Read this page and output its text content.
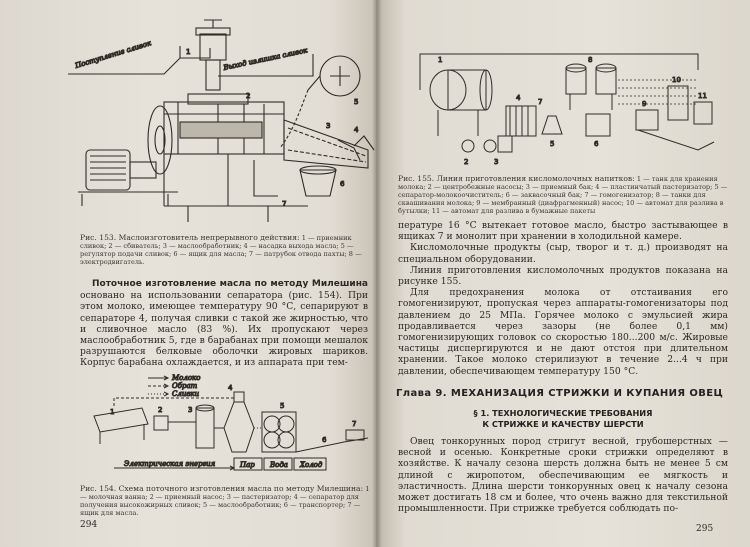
Поступление сливок	Выход излишка сливок
1
2
3	4
5
6
7
Рис. 153. Маслоизготовитель непрерывного действия: 1 — приемник сливок; 2 — сбиватель; 3 — маслообработник; 4 — насадка выхода масла; 5 — регулятор подачи сливок; 6 — ящик для масла; 7 — патрубок отвода пахты; 8 — электродвигатель.

Поточное изготовление масла по методу Милешина основано на использовании сепаратора (рис. 154). При этом молоко, имеющее температуру 90 °С, сепарируют в сепараторе 4, получая сливки с такой же жирностью, что и сливочное масло (83 %). Их пропускают через маслообработник 5, где в барабанах при помощи мешалок разрушаются белковые оболочки жировых шариков. Корпус барабана охлаждается, и из аппарата при тем-

Молоко
Обрат
Сливки
Электрическая энергия	Пар Вода Холод
1	2	3
4
5
6
7
Рис. 154. Схема поточного изготовления масла по методу Милешина: 1 — молочная ванна; 2 — приемный насос; 3 — пастеризатор; 4 — сепаратор для получения высокожирных сливок; 5 — маслообработник; 6 — транспортер; 7 — ящик для масла.
294
1
2	3
4
5	6
7
8
9
10
11
Рис. 155. Линия приготовления кисломолочных напитков: 1 — танк для хранения молока; 2 — центробежные насосы; 3 — приемный бак; 4 — пластинчатый пастеризатор; 5 — сепаратор-молокоочиститель; 6 — заквасочный бак; 7 — гомогенизатор; 8 — танки для сквашивания молока; 9 — мембранный (диафрагменный) насос; 10 — автомат для разлива в бутылки; 11 — автомат для разлива в бумажные пакеты

пературе 16 °С вытекает готовое масло, быстро застывающее в ящиках 7 и монолит при хранении в холодильной камере.

Кисломолочные продукты (сыр, творог и т. д.) производят на специальном оборудовании.

Линия приготовления кисломолочных продуктов показана на рисунке 155.

Для предохранения молока от отстаивания его гомогенизируют, пропуская через аппараты-гомогенизаторы под давлением до 25 МПа. Горячее молоко с эмульсией жира продавливается через зазоры (не более 0,1 мм) гомогенизирующих головок со скоростью 180...200 м/с. Жировые частицы диспергируются и не дают отстоя при длительном хранении. Такое молоко стерилизуют в течение 2...4 ч при давлении, обеспечивающем температуру 150 °С.

Глава 9. МЕХАНИЗАЦИЯ СТРИЖКИ И КУПАНИЯ ОВЕЦ
§ 1. ТЕХНОЛОГИЧЕСКИЕ ТРЕБОВАНИЯ
К СТРИЖКЕ И КАЧЕСТВУ ШЕРСТИ

Овец тонкорунных пород стригут весной, грубошерстных — весной и осенью. Конкретные сроки стрижки определяют в хозяйстве. К началу сезона шерсть должна быть не менее 5 см длиной с жиропотом, обеспечивающим ее мягкость и эластичность. Длина шерсти тонкорунных овец к началу сезона может достигать 18 см и более, что очень важно для текстильной промышленности. При стрижке требуется соблюдать по-

295
